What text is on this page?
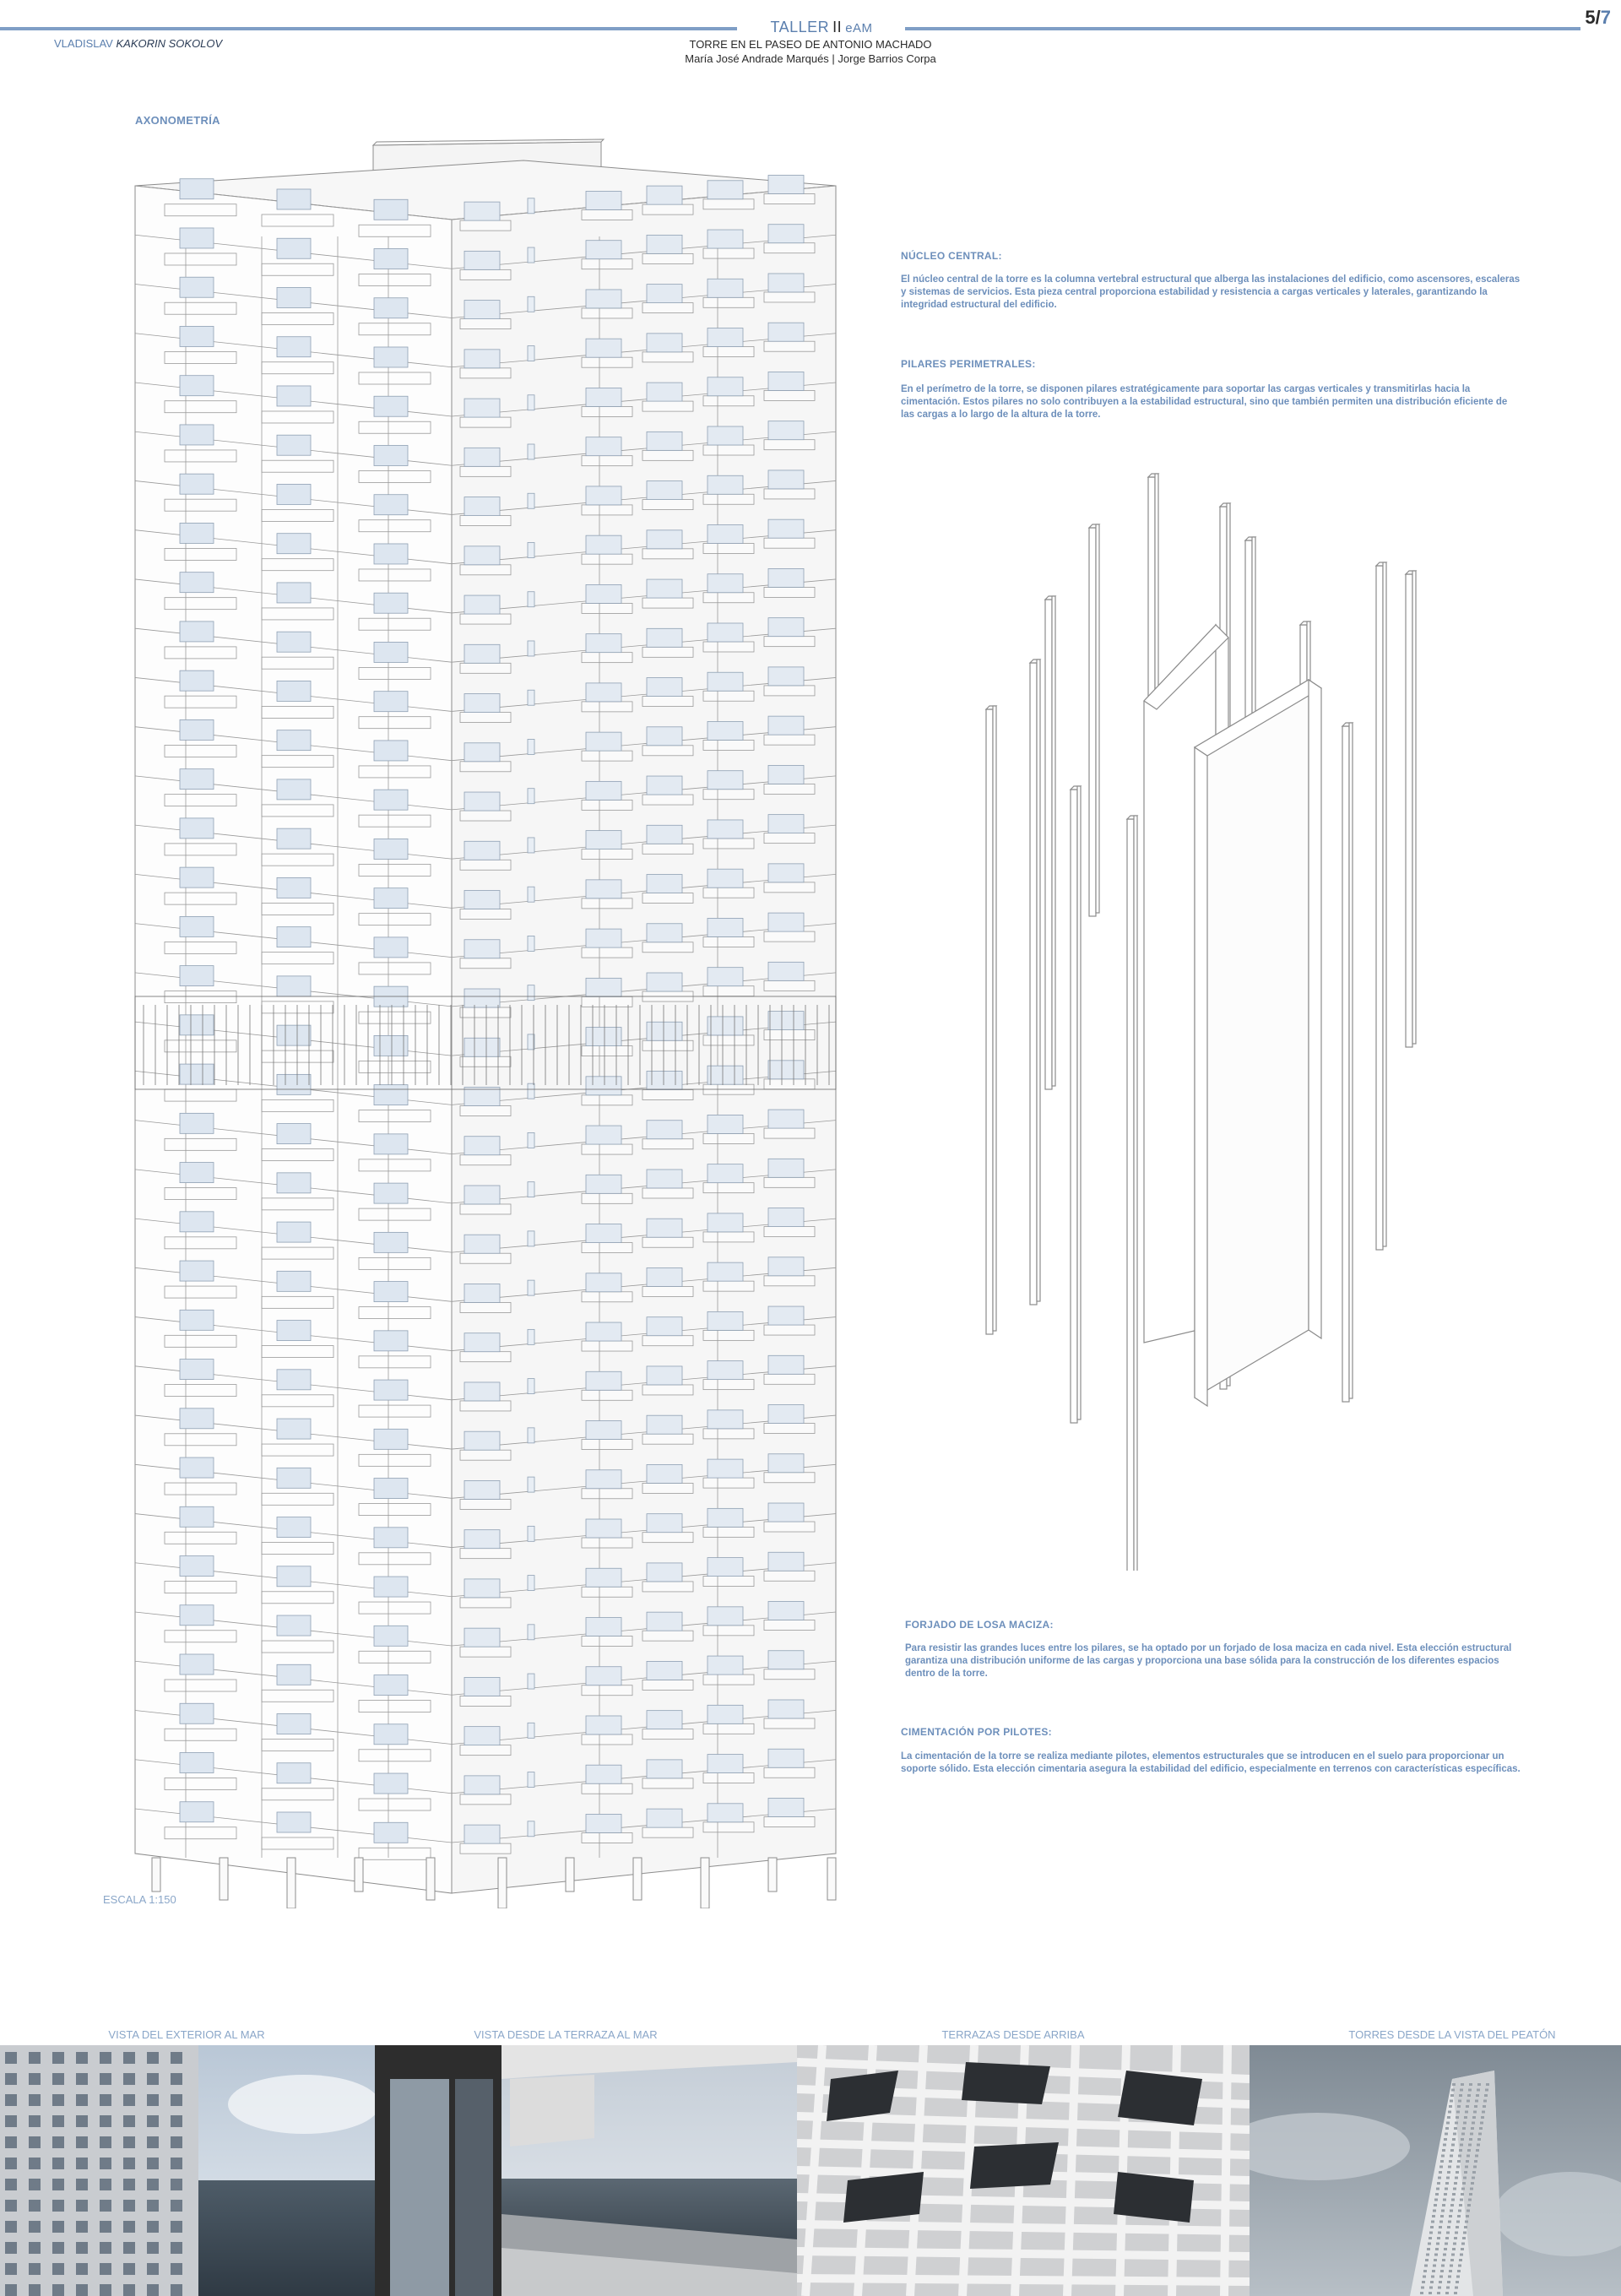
TALLER II eAM
5/7
VLADISLAV KAKORIN SOKOLOV	TORRE EN EL PASEO DE ANTONIO MACHADO
María José Andrade Marqués | Jorge Barrios Corpa
AXONOMETRÍA
NÚCLEO CENTRAL:
El núcleo central de la torre es la columna vertebral estructural que alberga las instalaciones del edificio, como ascensores, escaleras y sistemas de servicios. Esta pieza central proporciona estabilidad y resistencia a cargas verticales y laterales, garantizando la integridad estructural del edificio.
PILARES PERIMETRALES:
En el perímetro de la torre, se disponen pilares estratégicamente para soportar las cargas verticales y transmitirlas hacia la cimentación. Estos pilares no solo contribuyen a la estabilidad estructural, sino que también permiten una distribución eficiente de las cargas a lo largo de la altura de la torre.
FORJADO DE LOSA MACIZA:
Para resistir las grandes luces entre los pilares, se ha optado por un forjado de losa maciza en cada nivel. Esta elección estructural garantiza una distribución uniforme de las cargas y proporciona una base sólida para la construcción de los diferentes espacios dentro de la torre.
CIMENTACIÓN POR PILOTES:
La cimentación de la torre se realiza mediante pilotes, elementos estructurales que se introducen en el suelo para proporcionar un soporte sólido. Esta elección cimentaria asegura la estabilidad del edificio, especialmente en terrenos con características específicas.
ESCALA 1:150
VISTA DEL EXTERIOR AL MAR	VISTA DESDE LA TERRAZA AL MAR	TERRAZAS DESDE ARRIBA	TORRES DESDE LA VISTA DEL PEATÓN
